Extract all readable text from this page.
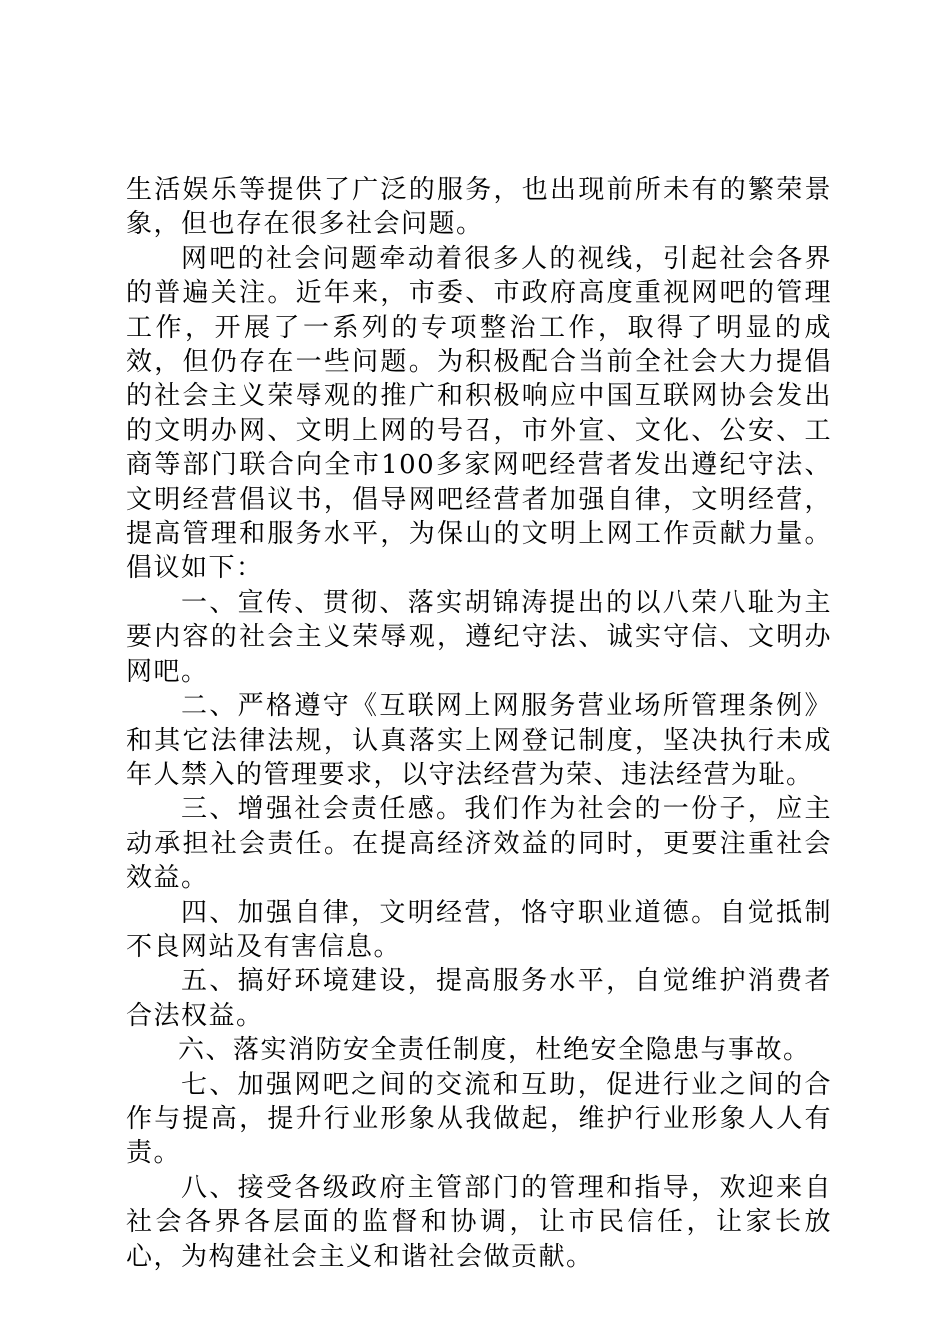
生活娱乐等提供了广泛的服务，也出现前所未有的繁荣景象，但也存在很多社会问题。

网吧的社会问题牵动着很多人的视线，引起社会各界的普遍关注。近年来，市委、市政府高度重视网吧的管理工作，开展了一系列的专项整治工作，取得了明显的成效，但仍存在一些问题。为积极配合当前全社会大力提倡的社会主义荣辱观的推广和积极响应中国互联网协会发出的文明办网、文明上网的号召，市外宣、文化、公安、工商等部门联合向全市100多家网吧经营者发出遵纪守法、文明经营倡议书，倡导网吧经营者加强自律，文明经营，提高管理和服务水平，为保山的文明上网工作贡献力量。倡议如下：

一、宣传、贯彻、落实胡锦涛提出的以八荣八耻为主要内容的社会主义荣辱观，遵纪守法、诚实守信、文明办网吧。

二、严格遵守《互联网上网服务营业场所管理条例》和其它法律法规，认真落实上网登记制度，坚决执行未成年人禁入的管理要求，以守法经营为荣、违法经营为耻。

三、增强社会责任感。我们作为社会的一份子，应主动承担社会责任。在提高经济效益的同时，更要注重社会效益。

四、加强自律，文明经营，恪守职业道德。自觉抵制不良网站及有害信息。

五、搞好环境建设，提高服务水平，自觉维护消费者合法权益。

六、落实消防安全责任制度，杜绝安全隐患与事故。

七、加强网吧之间的交流和互助，促进行业之间的合作与提高，提升行业形象从我做起，维护行业形象人人有责。

八、接受各级政府主管部门的管理和指导，欢迎来自社会各界各层面的监督和协调，让市民信任，让家长放心，为构建社会主义和谐社会做贡献。
